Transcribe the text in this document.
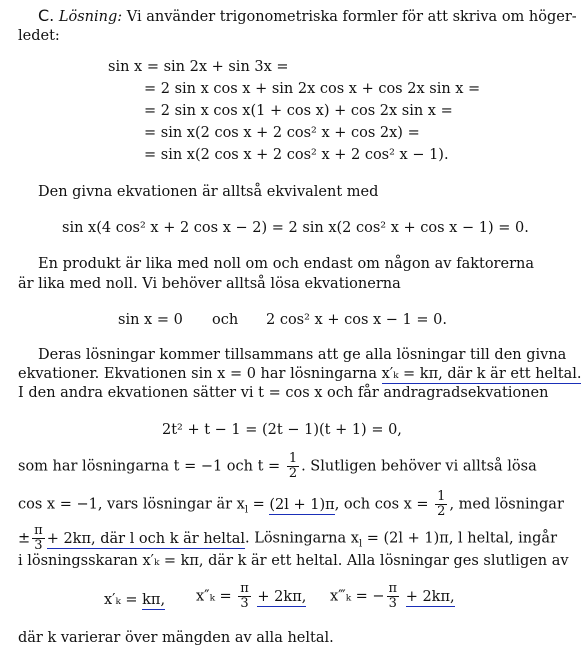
C. Lösning: Vi använder trigonometriska formler för att skriva om höger-
ledet:
sin x = sin 2x + sin 3x =
= 2 sin x cos x + sin 2x cos x + cos 2x sin x =
= 2 sin x cos x(1 + cos x) + cos 2x sin x =
= sin x(2 cos x + 2 cos² x + cos 2x) =
= sin x(2 cos x + 2 cos² x + 2 cos² x − 1).
Den givna ekvationen är alltså ekvivalent med
sin x(4 cos² x + 2 cos x − 2) = 2 sin x(2 cos² x + cos x − 1) = 0.
En produkt är lika med noll om och endast om någon av faktorerna är lika med noll. Vi behöver alltså lösa ekvationerna
sin x = 0 och 2 cos² x + cos x − 1 = 0.
Deras lösningar kommer tillsammans att ge alla lösningar till den givna
ekvationer. Ekvationen sin x = 0 har lösningarna x′ₖ = kπ, där k är ett heltal.
I den andra ekvationen sätter vi t = cos x och får andragradsekvationen
2t² + t − 1 = (2t − 1)(t + 1) = 0,
som har lösningarna t = −1 och $t = \frac{1}{2}$ . Slutligen behöver vi alltså lösa
cos x = −1, vars lösningar är $x_l = (2l + 1)\pi$, och $\cos x = \frac{1}{2}$ , med lösningar
± $\frac{\pi}{3} + 2k\pi$, där l och k är heltal. Lösningarna $x_l = (2l + 1)\pi$, l heltal, ingår
i lösningsskaran x′ₖ = kπ, där k är ett heltal. Alla lösningar ges slutligen av
x′ₖ = kπ, $x''_k = \frac{\pi}{3} + 2k\pi$, x‴ₖ = − $\frac{\pi}{3} + 2k\pi$,
där k varierar över mängden av alla heltal.
